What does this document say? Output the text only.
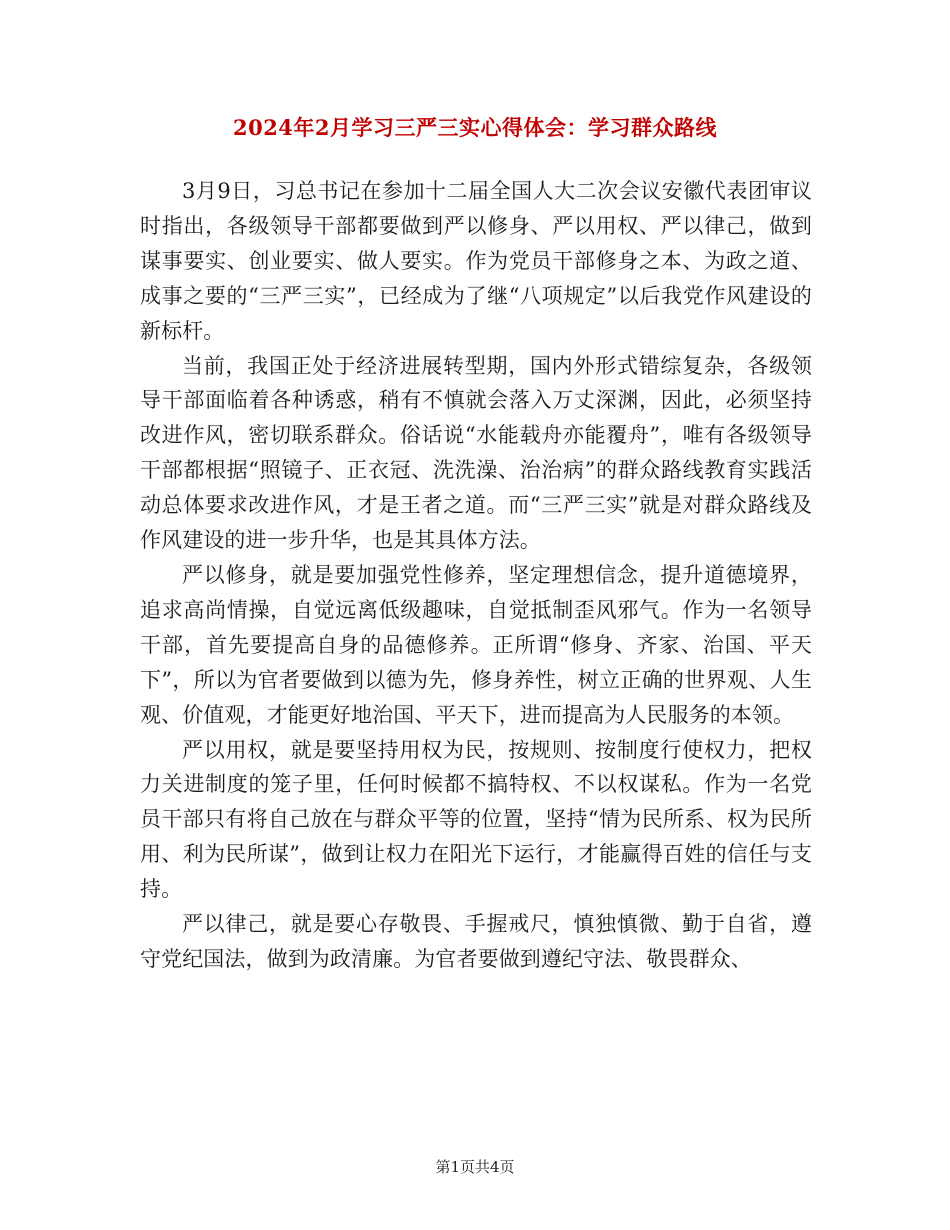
2024年2月学习三严三实心得体会：学习群众路线

3月9日，习总书记在参加十二届全国人大二次会议安徽代表团审议时指出，各级领导干部都要做到严以修身、严以用权、严以律己，做到谋事要实、创业要实、做人要实。作为党员干部修身之本、为政之道、成事之要的“三严三实”，已经成为了继“八项规定”以后我党作风建设的新标杆。

当前，我国正处于经济进展转型期，国内外形式错综复杂，各级领导干部面临着各种诱惑，稍有不慎就会落入万丈深渊，因此，必须坚持改进作风，密切联系群众。俗话说“水能载舟亦能覆舟”，唯有各级领导干部都根据“照镜子、正衣冠、洗洗澡、治治病”的群众路线教育实践活动总体要求改进作风，才是王者之道。而“三严三实”就是对群众路线及作风建设的进一步升华，也是其具体方法。

严以修身，就是要加强党性修养，坚定理想信念，提升道德境界，追求高尚情操，自觉远离低级趣味，自觉抵制歪风邪气。作为一名领导干部，首先要提高自身的品德修养。正所谓“修身、齐家、治国、平天下”，所以为官者要做到以德为先，修身养性，树立正确的世界观、人生观、价值观，才能更好地治国、平天下，进而提高为人民服务的本领。

严以用权，就是要坚持用权为民，按规则、按制度行使权力，把权力关进制度的笼子里，任何时候都不搞特权、不以权谋私。作为一名党员干部只有将自己放在与群众平等的位置，坚持“情为民所系、权为民所用、利为民所谋”，做到让权力在阳光下运行，才能赢得百姓的信任与支持。

严以律己，就是要心存敬畏、手握戒尺，慎独慎微、勤于自省，遵守党纪国法，做到为政清廉。为官者要做到遵纪守法、敬畏群众、

第1页共4页
